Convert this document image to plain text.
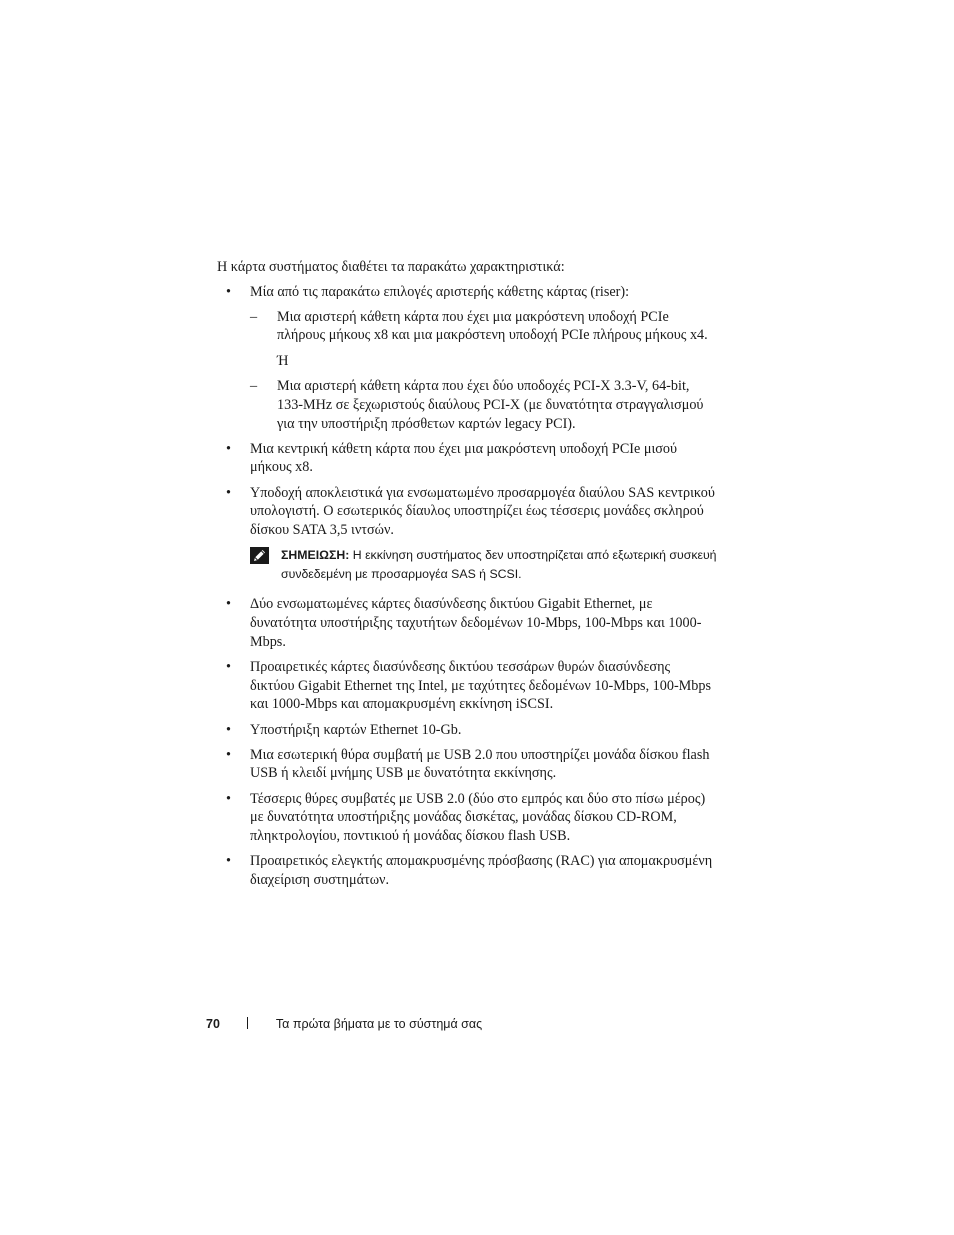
Η κάρτα συστήματος διαθέτει τα παρακάτω χαρακτηριστικά:

• Μία από τις παρακάτω επιλογές αριστερής κάθετης κάρτας (riser):
– Μια αριστερή κάθετη κάρτα που έχει μια μακρόστενη υποδοχή PCIe πλήρους μήκους x8 και μια μακρόστενη υποδοχή PCIe πλήρους μήκους x4.
Ή
– Μια αριστερή κάθετη κάρτα που έχει δύο υποδοχές PCI-X 3.3-V, 64-bit, 133-MHz σε ξεχωριστούς διαύλους PCI-X (με δυνατότητα στραγγαλισμού για την υποστήριξη πρόσθετων καρτών legacy PCI).
• Μια κεντρική κάθετη κάρτα που έχει μια μακρόστενη υποδοχή PCIe μισού μήκους x8.
• Υποδοχή αποκλειστικά για ενσωματωμένο προσαρμογέα διαύλου SAS κεντρικού υπολογιστή. Ο εσωτερικός δίαυλος υποστηρίζει έως τέσσερις μονάδες σκληρού δίσκου SATA 3,5 ιντσών.
ΣΗΜΕΙΩΣΗ: Η εκκίνηση συστήματος δεν υποστηρίζεται από εξωτερική συσκευή συνδεδεμένη με προσαρμογέα SAS ή SCSI.
• Δύο ενσωματωμένες κάρτες διασύνδεσης δικτύου Gigabit Ethernet, με δυνατότητα υποστήριξης ταχυτήτων δεδομένων 10-Mbps, 100-Mbps και 1000-Mbps.
• Προαιρετικές κάρτες διασύνδεσης δικτύου τεσσάρων θυρών διασύνδεσης δικτύου Gigabit Ethernet της Intel, με ταχύτητες δεδομένων 10-Mbps, 100-Mbps και 1000-Mbps και απομακρυσμένη εκκίνηση iSCSI.
• Υποστήριξη καρτών Ethernet 10-Gb.
• Μια εσωτερική θύρα συμβατή με USB 2.0 που υποστηρίζει μονάδα δίσκου flash USB ή κλειδί μνήμης USB με δυνατότητα εκκίνησης.
• Τέσσερις θύρες συμβατές με USB 2.0 (δύο στο εμπρός και δύο στο πίσω μέρος) με δυνατότητα υποστήριξης μονάδας δισκέτας, μονάδας δίσκου CD-ROM, πληκτρολογίου, ποντικιού ή μονάδας δίσκου flash USB.
• Προαιρετικός ελεγκτής απομακρυσμένης πρόσβασης (RAC) για απομακρυσμένη διαχείριση συστημάτων.
70	Τα πρώτα βήματα με το σύστημά σας
